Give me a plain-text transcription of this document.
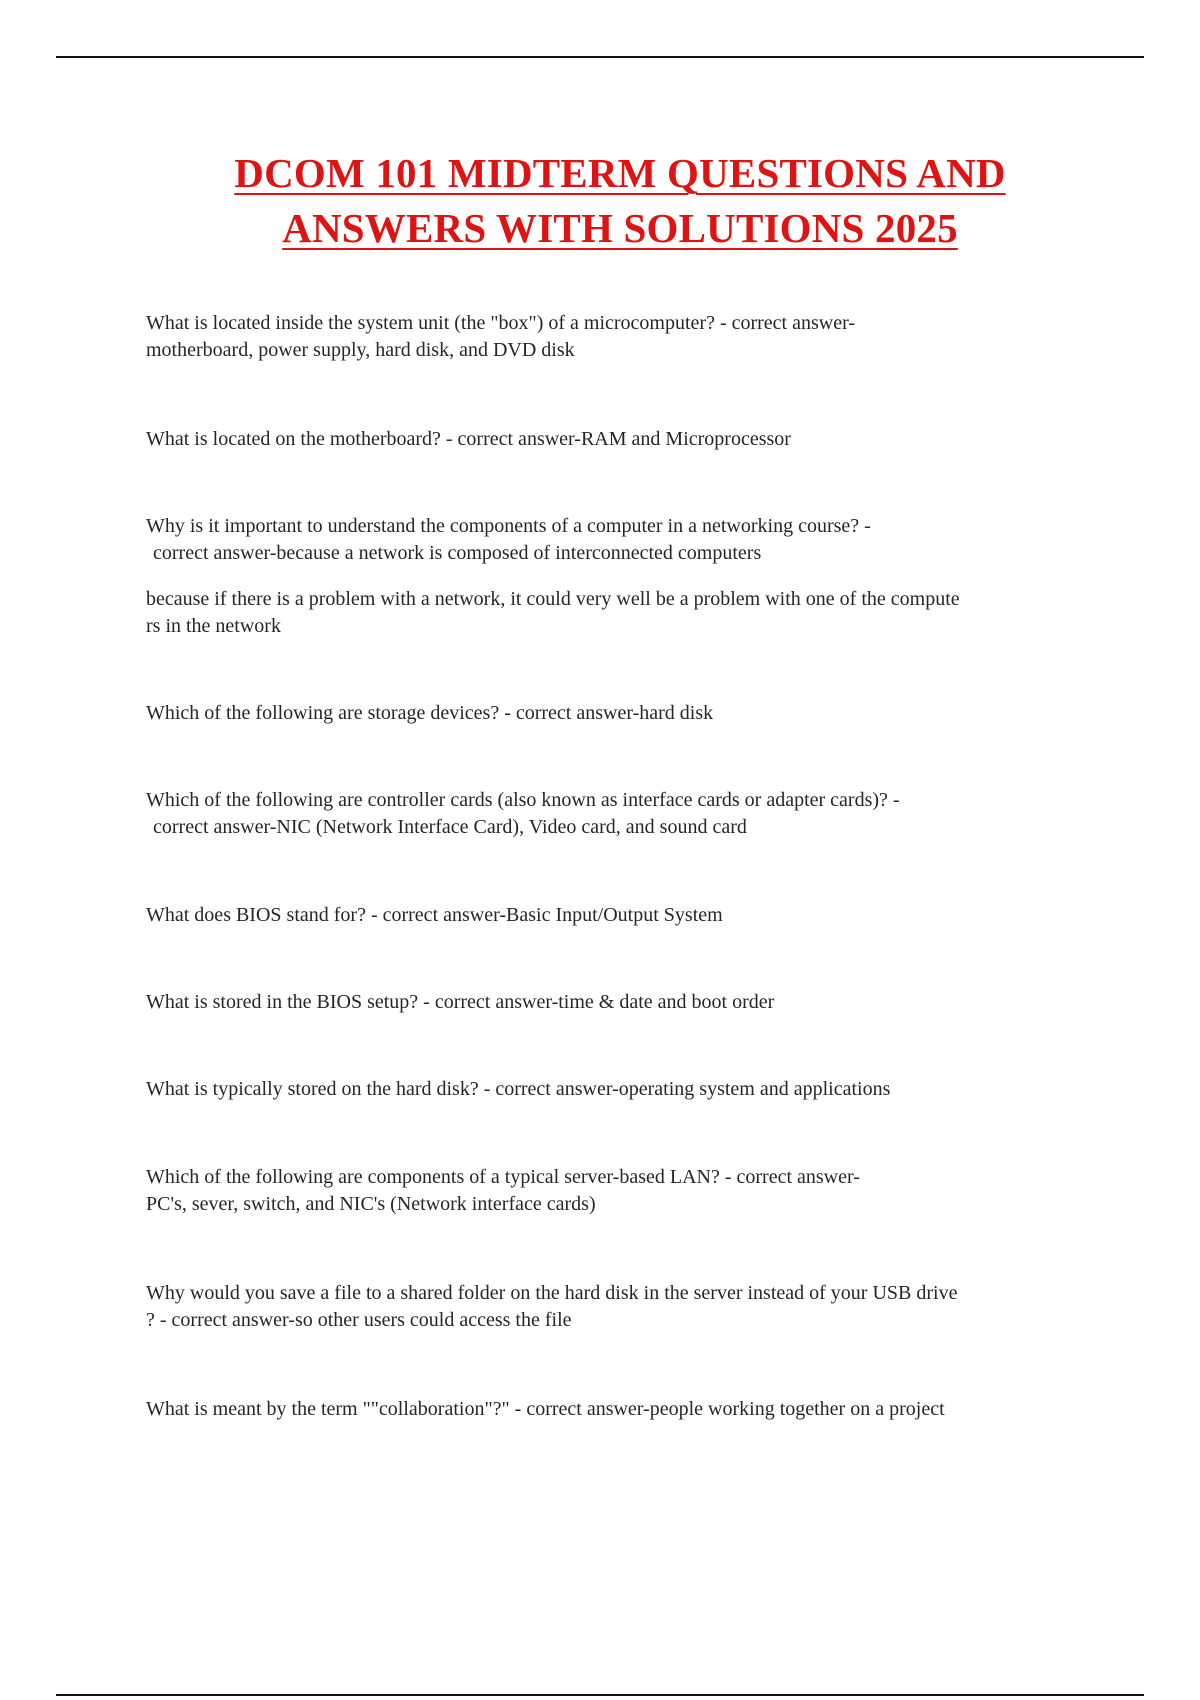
DCOM 101 MIDTERM QUESTIONS AND
ANSWERS WITH SOLUTIONS 2025

What is located inside the system unit (the "box") of a microcomputer? - correct answer-
motherboard, power supply, hard disk, and DVD disk

What is located on the motherboard? - correct answer-RAM and Microprocessor

Why is it important to understand the components of a computer in a networking course? -
correct answer-because a network is composed of interconnected computers

because if there is a problem with a network, it could very well be a problem with one of the compute
rs in the network

Which of the following are storage devices? - correct answer-hard disk

Which of the following are controller cards (also known as interface cards or adapter cards)? -
correct answer-NIC (Network Interface Card), Video card, and sound card

What does BIOS stand for? - correct answer-Basic Input/Output System

What is stored in the BIOS setup? - correct answer-time & date and boot order

What is typically stored on the hard disk? - correct answer-operating system and applications

Which of the following are components of a typical server-based LAN? - correct answer-
PC's, sever, switch, and NIC's (Network interface cards)

Why would you save a file to a shared folder on the hard disk in the server instead of your USB drive
? - correct answer-so other users could access the file

What is meant by the term ""collaboration"?" - correct answer-people working together on a project
